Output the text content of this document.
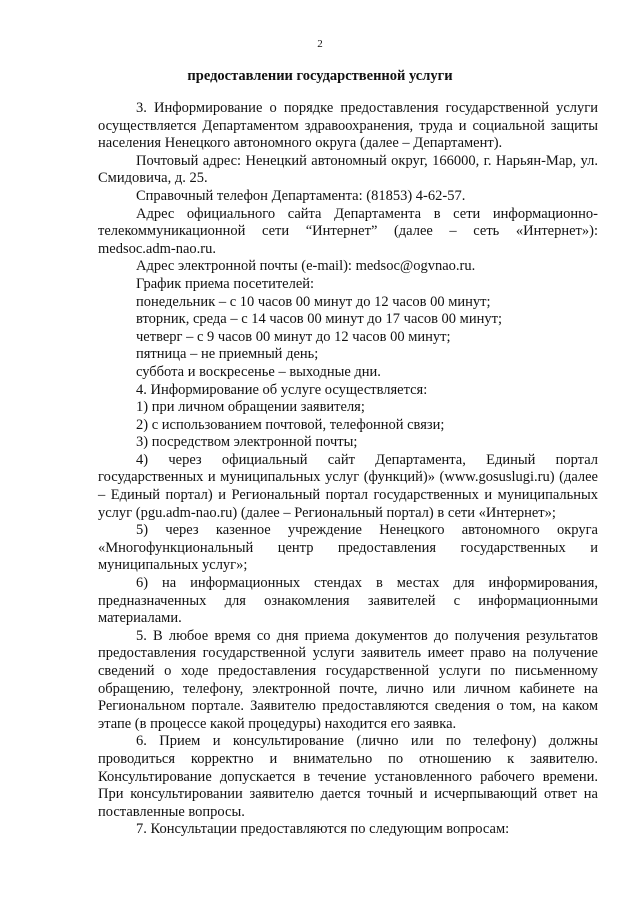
2
предоставлении государственной услуги

3. Информирование о порядке предоставления государственной услуги осуществляется Департаментом здравоохранения, труда и социальной защиты населения Ненецкого автономного округа (далее – Департамент).

Почтовый адрес: Ненецкий автономный округ, 166000, г. Нарьян-Мар, ул. Смидовича, д. 25.

Справочный телефон Департамента: (81853) 4-62-57.

Адрес официального сайта Департамента в сети информационно-телекоммуникационной сети “Интернет” (далее – сеть «Интернет»): medsoc.adm-nao.ru.

Адрес электронной почты (e-mail): medsoc@ogvnao.ru.

График приема посетителей:

понедельник – с 10 часов 00 минут до 12 часов 00 минут;

вторник, среда – с 14 часов 00 минут до 17 часов 00 минут;

четверг – с 9 часов 00 минут до 12 часов 00 минут;

пятница – не приемный день;

суббота и воскресенье – выходные дни.

4. Информирование об услуге осуществляется:

1) при личном обращении заявителя;

2) с использованием почтовой, телефонной связи;

3) посредством электронной почты;

4) через официальный сайт Департамента, Единый портал государственных и муниципальных услуг (функций)» (www.gosuslugi.ru) (далее – Единый портал) и Региональный портал государственных и муниципальных услуг (pgu.adm-nao.ru) (далее – Региональный портал) в сети «Интернет»;

5) через казенное учреждение Ненецкого автономного округа «Многофункциональный центр предоставления государственных и муниципальных услуг»;

6) на информационных стендах в местах для информирования, предназначенных для ознакомления заявителей с информационными материалами.

5. В любое время со дня приема документов до получения результатов предоставления государственной услуги заявитель имеет право на получение сведений о ходе предоставления государственной услуги по письменному обращению, телефону, электронной почте, лично или личном кабинете на Региональном портале. Заявителю предоставляются сведения о том, на каком этапе (в процессе какой процедуры) находится его заявка.

6. Прием и консультирование (лично или по телефону) должны проводиться корректно и внимательно по отношению к заявителю. Консультирование допускается в течение установленного рабочего времени. При консультировании заявителю дается точный и исчерпывающий ответ на поставленные вопросы.

7. Консультации предоставляются по следующим вопросам:
